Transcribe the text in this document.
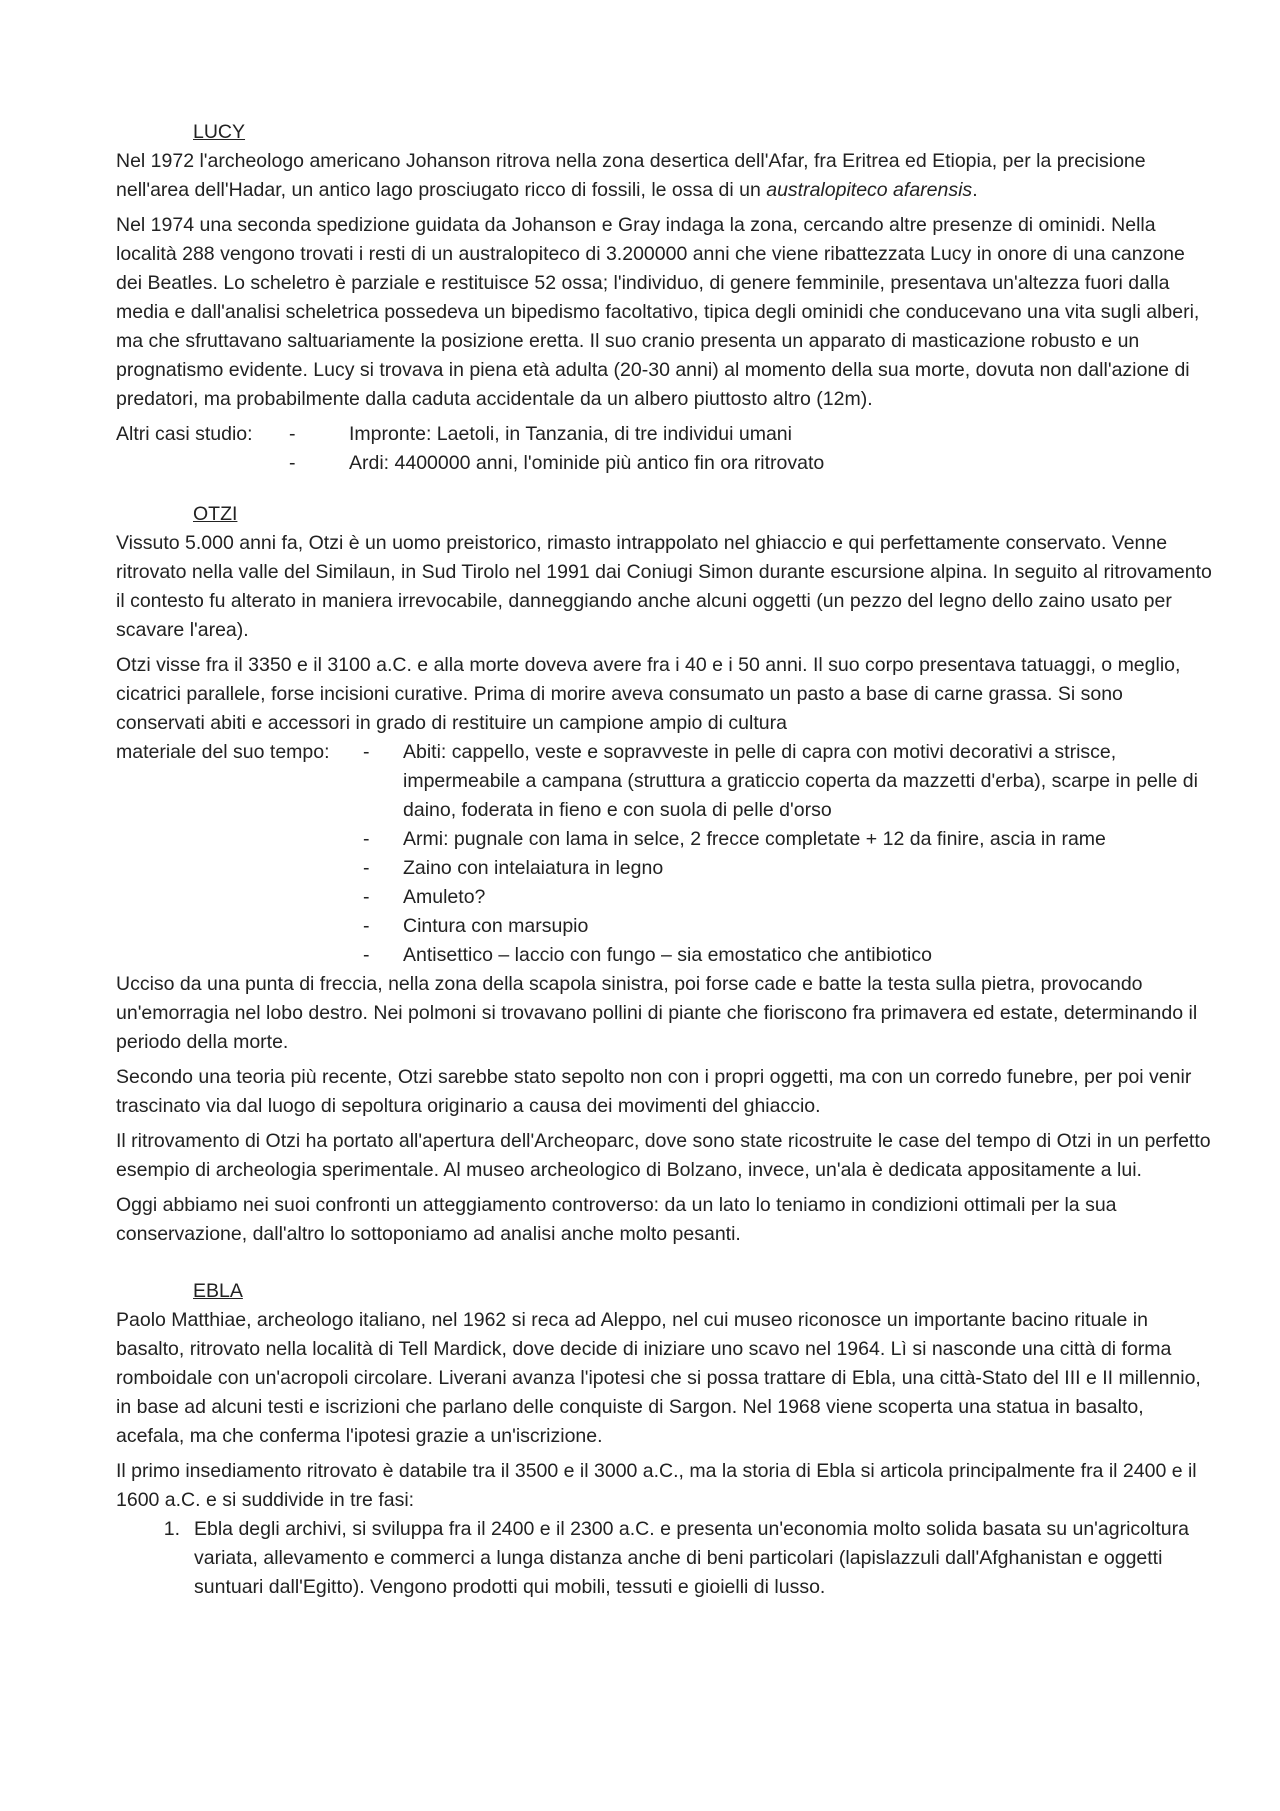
LUCY

Nel 1972 l'archeologo americano Johanson ritrova nella zona desertica dell'Afar, fra Eritrea ed Etiopia, per la precisione nell'area dell'Hadar, un antico lago prosciugato ricco di fossili, le ossa di un australopiteco afarensis.

Nel 1974 una seconda spedizione guidata da Johanson e Gray indaga la zona, cercando altre presenze di ominidi. Nella località 288 vengono trovati i resti di un australopiteco di 3.200000 anni che viene ribattezzata Lucy in onore di una canzone dei Beatles. Lo scheletro è parziale e restituisce 52 ossa; l'individuo, di genere femminile, presentava un'altezza fuori dalla media e dall'analisi scheletrica possedeva un bipedismo facoltativo, tipica degli ominidi che conducevano una vita sugli alberi, ma che sfruttavano saltuariamente la posizione eretta. Il suo cranio presenta un apparato di masticazione robusto e un prognatismo evidente. Lucy si trovava in piena età adulta (20-30 anni) al momento della sua morte, dovuta non dall'azione di predatori, ma probabilmente dalla caduta accidentale da un albero piuttosto altro (12m).

Altri casi studio:	-	Impronte: Laetoli, in Tanzania, di tre individui umani
-	Ardi: 4400000 anni, l'ominide più antico fin ora ritrovato
OTZI

Vissuto 5.000 anni fa, Otzi è un uomo preistorico, rimasto intrappolato nel ghiaccio e qui perfettamente conservato. Venne ritrovato nella valle del Similaun, in Sud Tirolo nel 1991 dai Coniugi Simon durante escursione alpina. In seguito al ritrovamento il contesto fu alterato in maniera irrevocabile, danneggiando anche alcuni oggetti (un pezzo del legno dello zaino usato per scavare l'area).

Otzi visse fra il 3350 e il 3100 a.C. e alla morte doveva avere fra i 40 e i 50 anni. Il suo corpo presentava tatuaggi, o meglio, cicatrici parallele, forse incisioni curative. Prima di morire aveva consumato un pasto a base di carne grassa. Si sono conservati abiti e accessori in grado di restituire un campione ampio di cultura

materiale del suo tempo:	-	Abiti: cappello, veste e sopravveste in pelle di capra con motivi decorativi a strisce, impermeabile a campana (struttura a graticcio coperta da mazzetti d'erba), scarpe in pelle di daino, foderata in fieno e con suola di pelle d'orso
-	Armi: pugnale con lama in selce, 2 frecce completate + 12 da finire, ascia in rame
-	Zaino con intelaiatura in legno
-	Amuleto?
-	Cintura con marsupio
-	Antisettico – laccio con fungo – sia emostatico che antibiotico

Ucciso da una punta di freccia, nella zona della scapola sinistra, poi forse cade e batte la testa sulla pietra, provocando un'emorragia nel lobo destro. Nei polmoni si trovavano pollini di piante che fioriscono fra primavera ed estate, determinando il periodo della morte.

Secondo una teoria più recente, Otzi sarebbe stato sepolto non con i propri oggetti, ma con un corredo funebre, per poi venir trascinato via dal luogo di sepoltura originario a causa dei movimenti del ghiaccio.

Il ritrovamento di Otzi ha portato all'apertura dell'Archeoparc, dove sono state ricostruite le case del tempo di Otzi in un perfetto esempio di archeologia sperimentale. Al museo archeologico di Bolzano, invece, un'ala è dedicata appositamente a lui.

Oggi abbiamo nei suoi confronti un atteggiamento controverso: da un lato lo teniamo in condizioni ottimali per la sua conservazione, dall'altro lo sottoponiamo ad analisi anche molto pesanti.

EBLA

Paolo Matthiae, archeologo italiano, nel 1962 si reca ad Aleppo, nel cui museo riconosce un importante bacino rituale in basalto, ritrovato nella località di Tell Mardick, dove decide di iniziare uno scavo nel 1964. Lì si nasconde una città di forma romboidale con un'acropoli circolare. Liverani avanza l'ipotesi che si possa trattare di Ebla, una città-Stato del III e II millennio, in base ad alcuni testi e iscrizioni che parlano delle conquiste di Sargon. Nel 1968 viene scoperta una statua in basalto, acefala, ma che conferma l'ipotesi grazie a un'iscrizione.

Il primo insediamento ritrovato è databile tra il 3500 e il 3000 a.C., ma la storia di Ebla si articola principalmente fra il 2400 e il 1600 a.C. e si suddivide in tre fasi:

1. Ebla degli archivi, si sviluppa fra il 2400 e il 2300 a.C. e presenta un'economia molto solida basata su un'agricoltura variata, allevamento e commerci a lunga distanza anche di beni particolari (lapislazzuli dall'Afghanistan e oggetti suntuari dall'Egitto). Vengono prodotti qui mobili, tessuti e gioielli di lusso.
